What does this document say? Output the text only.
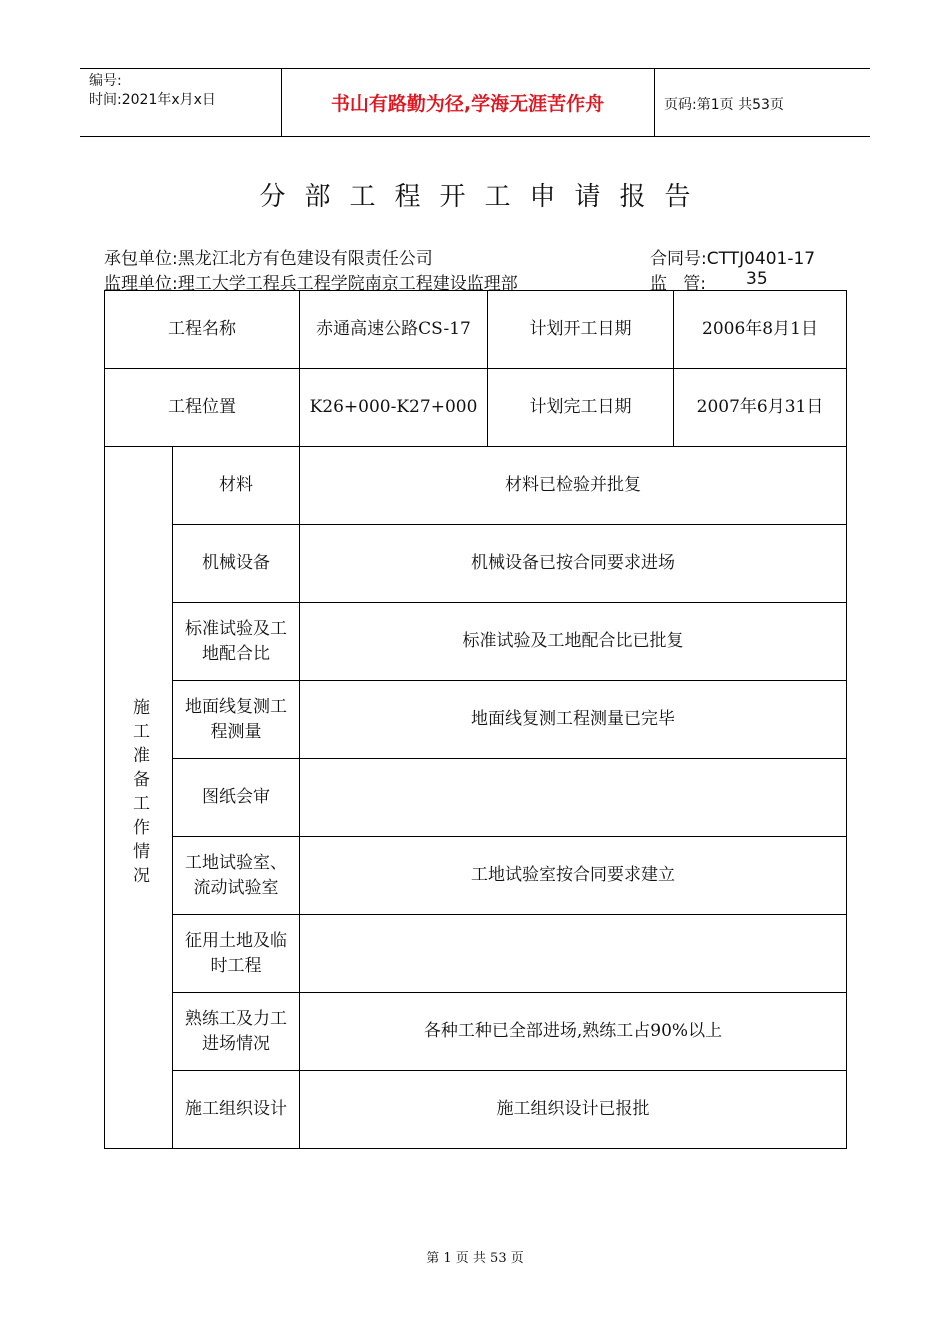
编号:
时间:2021年x月x日	书山有路勤为径,学海无涯苦作舟	页码:第1页 共53页
分部工程开工申请报告
承包单位:黑龙江北方有色建设有限责任公司	合同号:CTTJ0401-17
监理单位:理工大学工程兵工程学院南京工程建设监理部	监   管: 35
工程名称		赤通高速公路CS-17	计划开工日期	2006年8月1日
工程位置		K26+000-K27+000	计划完工日期	2007年6月31日
施工准备工作情况	材料	材料已检验并批复		
	机械设备	机械设备已按合同要求进场		
	标准试验及工地配合比	标准试验及工地配合比已批复		
	地面线复测工程测量	地面线复测工程测量已完毕		
	图纸会审			
	工地试验室、流动试验室	工地试验室按合同要求建立		
	征用土地及临时工程			
	熟练工及力工进场情况	各种工种已全部进场,熟练工占90%以上		
	施工组织设计	施工组织设计已报批		
第 1 页 共 53 页
